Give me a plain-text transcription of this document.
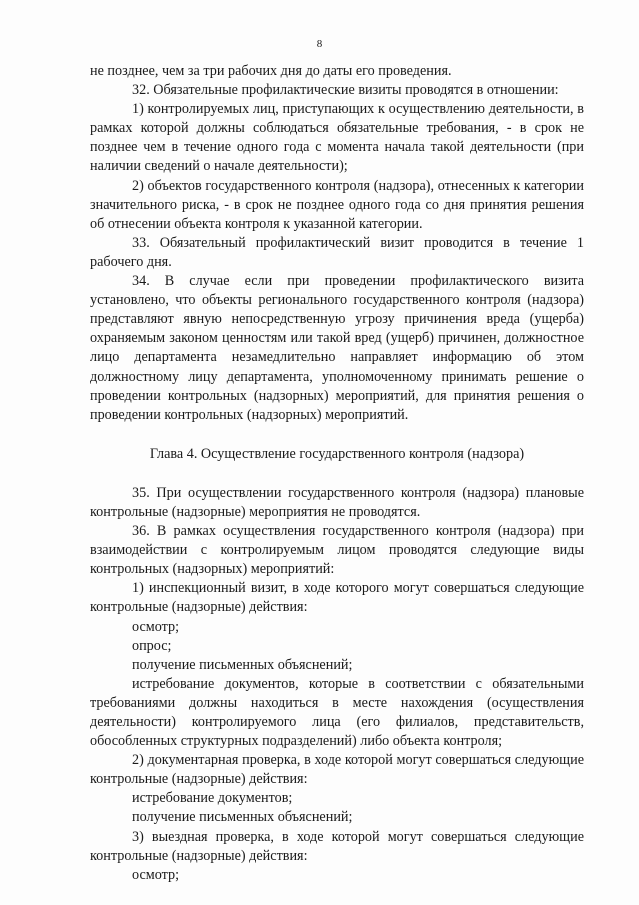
8

не позднее, чем за три рабочих дня до даты его проведения.

32. Обязательные профилактические визиты проводятся в отношении:

1) контролируемых лиц, приступающих к осуществлению деятельности, в рамках которой должны соблюдаться обязательные требования, - в срок не позднее чем в течение одного года с момента начала такой деятельности (при наличии сведений о начале деятельности);

2) объектов государственного контроля (надзора), отнесенных к категории значительного риска, - в срок не позднее одного года со дня принятия решения об отнесении объекта контроля к указанной категории.

33. Обязательный профилактический визит проводится в течение 1 рабочего дня.

34. В случае если при проведении профилактического визита установлено, что объекты регионального государственного контроля (надзора) представляют явную непосредственную угрозу причинения вреда (ущерба) охраняемым законом ценностям или такой вред (ущерб) причинен, должностное лицо департамента незамедлительно направляет информацию об этом должностному лицу департамента, уполномоченному принимать решение о проведении контрольных (надзорных) мероприятий, для принятия решения о проведении контрольных (надзорных) мероприятий.

Глава 4. Осуществление государственного контроля (надзора)

35. При осуществлении государственного контроля (надзора) плановые контрольные (надзорные) мероприятия не проводятся.

36. В рамках осуществления государственного контроля (надзора) при взаимодействии с контролируемым лицом проводятся следующие виды контрольных (надзорных) мероприятий:

1) инспекционный визит, в ходе которого могут совершаться следующие контрольные (надзорные) действия:

осмотр;

опрос;

получение письменных объяснений;

истребование документов, которые в соответствии с обязательными требованиями должны находиться в месте нахождения (осуществления деятельности) контролируемого лица (его филиалов, представительств, обособленных структурных подразделений) либо объекта контроля;

2) документарная проверка, в ходе которой могут совершаться следующие контрольные (надзорные) действия:

истребование документов;

получение письменных объяснений;

3) выездная проверка, в ходе которой могут совершаться следующие контрольные (надзорные) действия:

осмотр;
